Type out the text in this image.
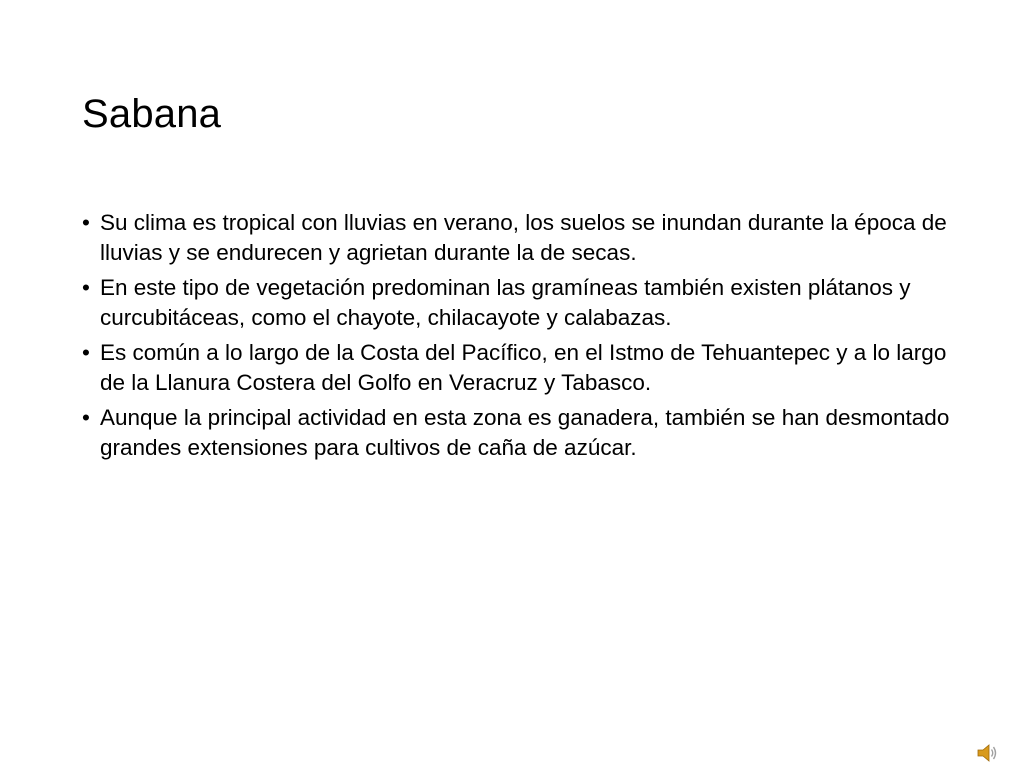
Sabana
• Su clima es tropical con lluvias en verano, los suelos se inundan durante la época de lluvias y se endurecen y agrietan durante la de secas.
• En este tipo de vegetación predominan las gramíneas también existen plátanos y curcubitáceas, como el chayote, chilacayote y calabazas.
• Es común a lo largo de la Costa del Pacífico, en el Istmo de Tehuantepec y a lo largo de la Llanura Costera del Golfo en Veracruz y Tabasco.
• Aunque la principal actividad en esta zona es ganadera, también se han desmontado grandes extensiones para cultivos de caña de azúcar.
